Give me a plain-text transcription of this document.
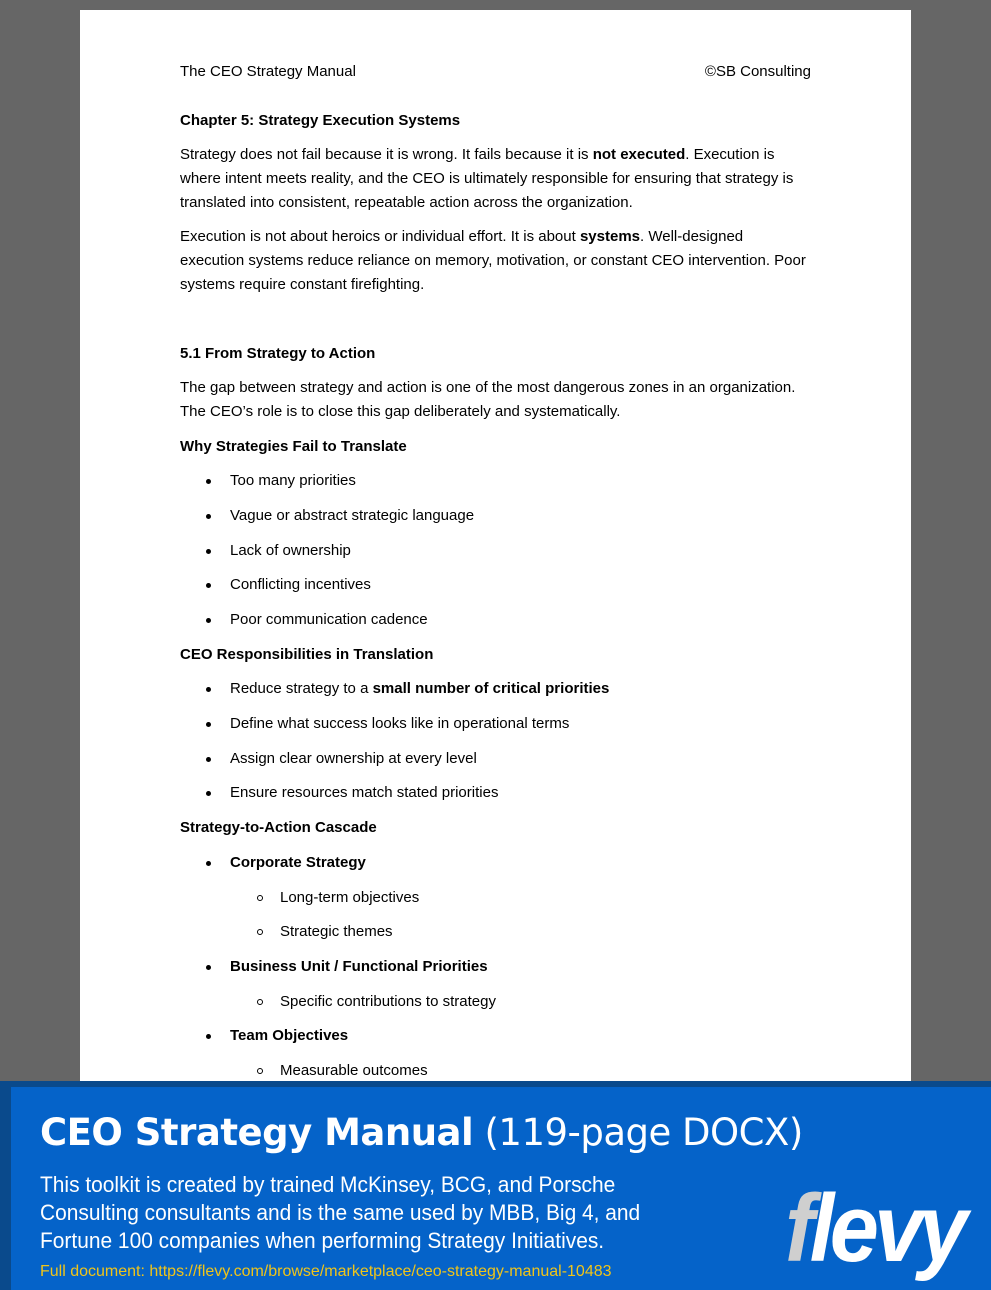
The CEO Strategy Manual	©SB Consulting
Chapter 5: Strategy Execution Systems
Strategy does not fail because it is wrong. It fails because it is not executed. Execution is where intent meets reality, and the CEO is ultimately responsible for ensuring that strategy is translated into consistent, repeatable action across the organization.
Execution is not about heroics or individual effort. It is about systems. Well-designed execution systems reduce reliance on memory, motivation, or constant CEO intervention. Poor systems require constant firefighting.
5.1 From Strategy to Action
The gap between strategy and action is one of the most dangerous zones in an organization. The CEO’s role is to close this gap deliberately and systematically.
Why Strategies Fail to Translate
Too many priorities
Vague or abstract strategic language
Lack of ownership
Conflicting incentives
Poor communication cadence
CEO Responsibilities in Translation
Reduce strategy to a small number of critical priorities
Define what success looks like in operational terms
Assign clear ownership at every level
Ensure resources match stated priorities
Strategy-to-Action Cascade
Corporate Strategy
Long-term objectives
Strategic themes
Business Unit / Functional Priorities
Specific contributions to strategy
Team Objectives
Measurable outcomes
CEO Strategy Manual (119-page DOCX)
This toolkit is created by trained McKinsey, BCG, and Porsche Consulting consultants and is the same used by MBB, Big 4, and Fortune 100 companies when performing Strategy Initiatives.
Full document: https://flevy.com/browse/marketplace/ceo-strategy-manual-10483 flevy
